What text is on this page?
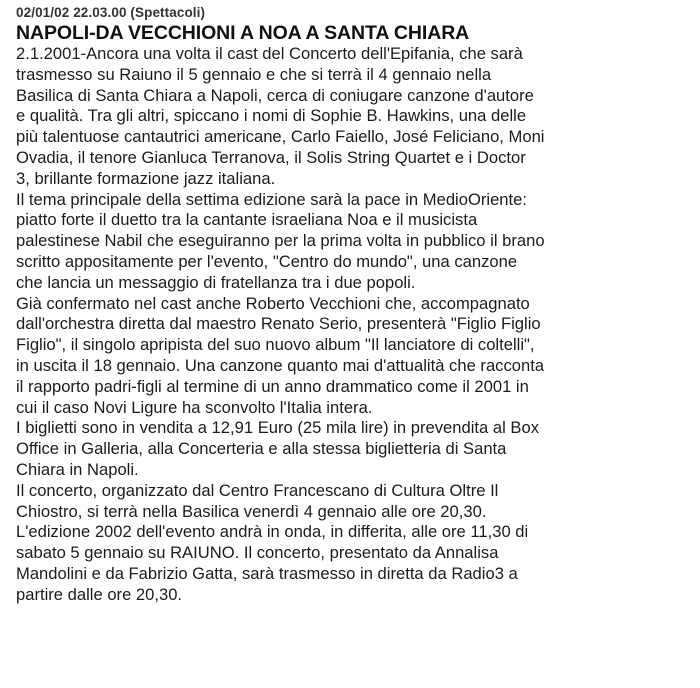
02/01/02 22.03.00 (Spettacoli)
NAPOLI-DA VECCHIONI A NOA A SANTA CHIARA

2.1.2001-Ancora una volta il cast del Concerto dell'Epifania, che sarà
trasmesso su Raiuno il 5 gennaio e che si terrà il 4 gennaio nella
Basilica di Santa Chiara a Napoli, cerca di coniugare canzone d'autore
e qualità. Tra gli altri, spiccano i nomi di Sophie B. Hawkins, una delle
più talentuose cantautrici americane, Carlo Faiello, José Feliciano, Moni
Ovadia, il tenore Gianluca Terranova, il Solis String Quartet e i Doctor
3, brillante formazione jazz italiana.

Il tema principale della settima edizione sarà la pace in MedioOriente:
piatto forte il duetto tra la cantante israeliana Noa e il musicista
palestinese Nabil che eseguiranno per la prima volta in pubblico il brano
scritto appositamente per l'evento, "Centro do mundo", una canzone
che lancia un messaggio di fratellanza tra i due popoli.

Già confermato nel cast anche Roberto Vecchioni che, accompagnato
dall'orchestra diretta dal maestro Renato Serio, presenterà "Figlio Figlio
Figlio", il singolo apripista del suo nuovo album "Il lanciatore di coltelli",
in uscita il 18 gennaio. Una canzone quanto mai d'attualità che racconta
il rapporto padri-figli al termine di un anno drammatico come il 2001 in
cui il caso Novi Ligure ha sconvolto l'Italia intera.

I biglietti sono in vendita a 12,91 Euro (25 mila lire) in prevendita al Box
Office in Galleria, alla Concerteria e alla stessa biglietteria di Santa
Chiara in Napoli.

Il concerto, organizzato dal Centro Francescano di Cultura Oltre Il
Chiostro, si terrà nella Basilica venerdì 4 gennaio alle ore 20,30.

L'edizione 2002 dell'evento andrà in onda, in differita, alle ore 11,30 di
sabato 5 gennaio su RAIUNO. Il concerto, presentato da Annalisa
Mandolini e da Fabrizio Gatta, sarà trasmesso in diretta da Radio3 a
partire dalle ore 20,30.
